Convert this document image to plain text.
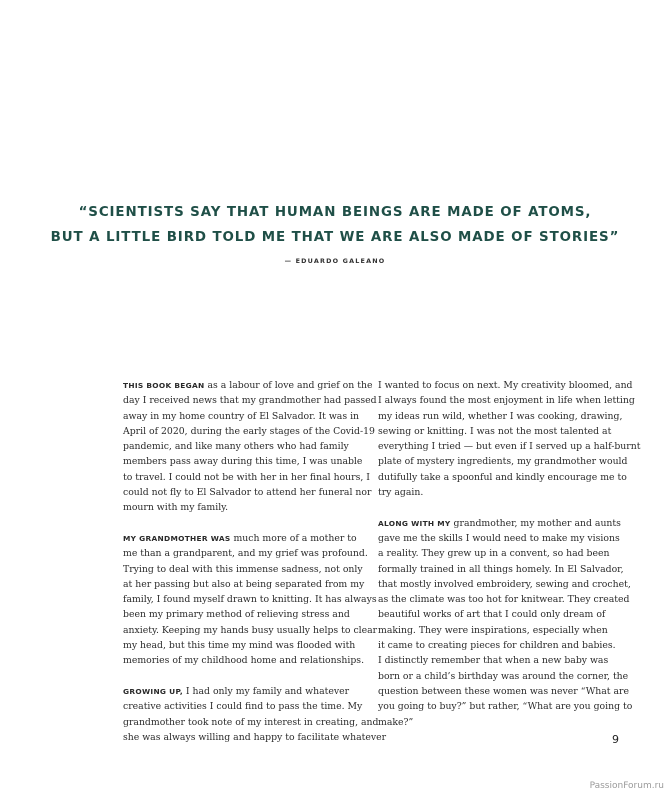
“SCIENTISTS SAY THAT HUMAN BEINGS ARE MADE OF ATOMS,
BUT A LITTLE BIRD TOLD ME THAT WE ARE ALSO MADE OF STORIES”
— EDUARDO GALEANO

THIS BOOK BEGAN as a labour of love and grief on the
day I received news that my grandmother had passed
away in my home country of El Salvador. It was in
April of 2020, during the early stages of the Covid-19
pandemic, and like many others who had family
members pass away during this time, I was unable
to travel. I could not be with her in her final hours, I
could not fly to El Salvador to attend her funeral nor
mourn with my family.

MY GRANDMOTHER WAS much more of a mother to
me than a grandparent, and my grief was profound.
Trying to deal with this immense sadness, not only
at her passing but also at being separated from my
family, I found myself drawn to knitting. It has always
been my primary method of relieving stress and
anxiety. Keeping my hands busy usually helps to clear
my head, but this time my mind was flooded with
memories of my childhood home and relationships.

GROWING UP, I had only my family and whatever
creative activities I could find to pass the time. My
grandmother took note of my interest in creating, and
she was always willing and happy to facilitate whatever

I wanted to focus on next. My creativity bloomed, and
I always found the most enjoyment in life when letting
my ideas run wild, whether I was cooking, drawing,
sewing or knitting. I was not the most talented at
everything I tried — but even if I served up a half-burnt
plate of mystery ingredients, my grandmother would
dutifully take a spoonful and kindly encourage me to
try again.

ALONG WITH MY grandmother, my mother and aunts
gave me the skills I would need to make my visions
a reality. They grew up in a convent, so had been
formally trained in all things homely. In El Salvador,
that mostly involved embroidery, sewing and crochet,
as the climate was too hot for knitwear. They created
beautiful works of art that I could only dream of
making. They were inspirations, especially when
it came to creating pieces for children and babies.
I distinctly remember that when a new baby was
born or a child’s birthday was around the corner, the
question between these women was never “What are
you going to buy?” but rather, “What are you going to
make?”

9
PassionForum.ru
